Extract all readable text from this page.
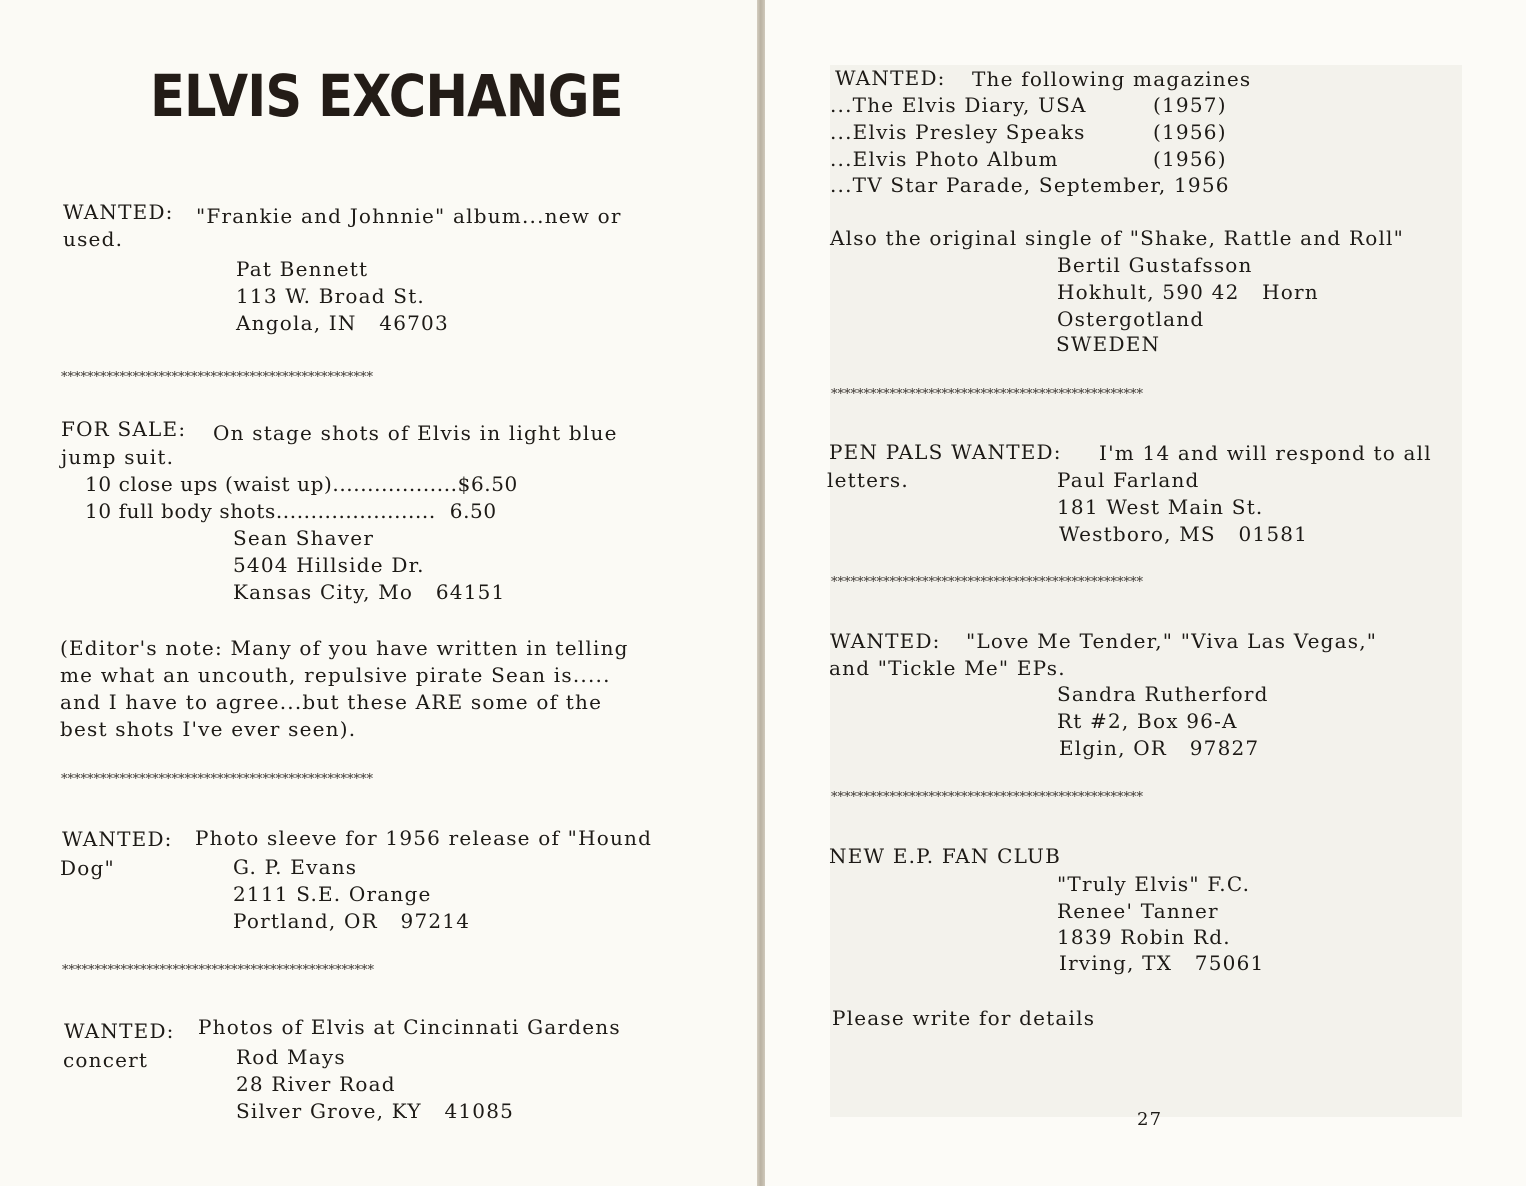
ELVIS EXCHANGE
WANTED: "Frankie and Johnnie" album...new or
used.
Pat Bennett
113 W. Broad St.
Angola, IN   46703
************************************************
FOR SALE: On stage shots of Elvis in light blue
jump suit.
10 close ups (waist up)..................$6.50
10 full body shots.......................  6.50
Sean Shaver
5404 Hillside Dr.
Kansas City, Mo   64151
(Editor's note: Many of you have written in telling
me what an uncouth, repulsive pirate Sean is.....
and I have to agree...but these ARE some of the
best shots I've ever seen).
************************************************
WANTED: Photo sleeve for 1956 release of "Hound
Dog"	G. P. Evans
2111 S.E. Orange
Portland, OR   97214
************************************************
WANTED: Photos of Elvis at Cincinnati Gardens
concert	Rod Mays
28 River Road
Silver Grove, KY   41085
WANTED: The following magazines
...The Elvis Diary, USA	(1957)
...Elvis Presley Speaks	(1956)
...Elvis Photo Album	(1956)
...TV Star Parade, September, 1956
Also the original single of "Shake, Rattle and Roll"
Bertil Gustafsson
Hokhult, 590 42   Horn
Ostergotland
SWEDEN
************************************************
PEN PALS WANTED: I'm 14 and will respond to all
letters.	Paul Farland
181 West Main St.
Westboro, MS   01581
************************************************
WANTED: "Love Me Tender," "Viva Las Vegas,"
and "Tickle Me" EPs.
Sandra Rutherford
Rt #2, Box 96-A
Elgin, OR   97827
************************************************
NEW E.P. FAN CLUB
"Truly Elvis" F.C.
Renee' Tanner
1839 Robin Rd.
Irving, TX   75061
Please write for details
27
